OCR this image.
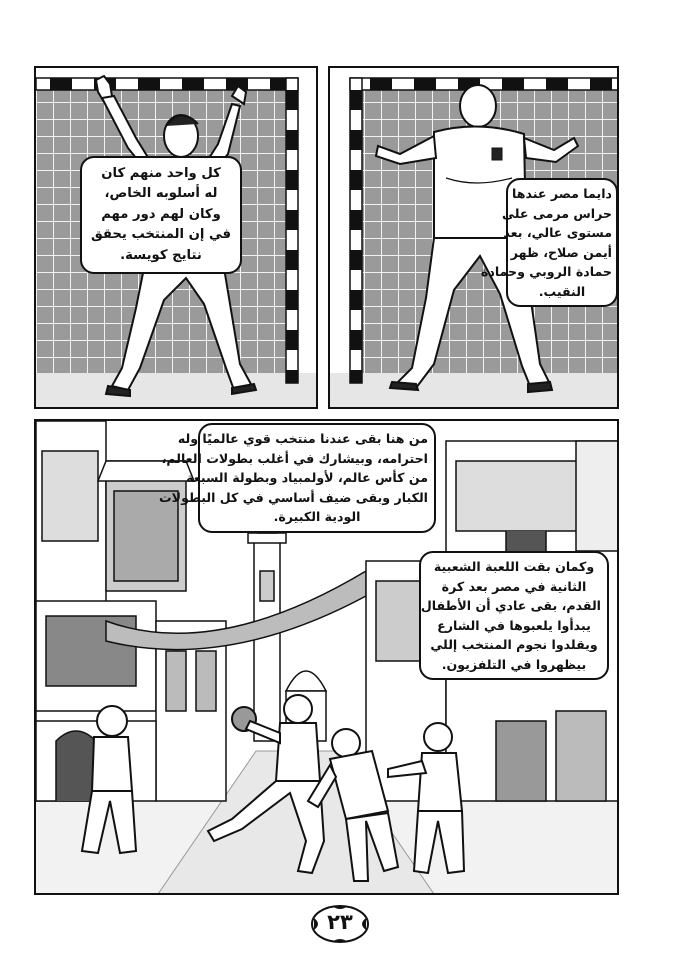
كل واحد منهم كان

له أسلوبه الخاص،

وكان لهم دور مهم

في إن المنتخب يحقق

نتايج كويسة.

دايما مصر عندها

حراس مرمى على

مستوى عالي، بعد

أيمن صلاح، ظهر

حمادة الروبي وحمادة

النقيب.

من هنا بقى عندنا منتخب قوي عالميًا وله

احترامه، وبيشارك في أغلب بطولات العالم،

من كأس عالم، لأولمبياد وبطولة السبعة

الكبار وبقى ضيف أساسي في كل البطولات

الودية الكبيرة.

وكمان بقت اللعبة الشعبية

الثانية في مصر بعد كرة

القدم، بقى عادي أن الأطفال

يبدأوا يلعبوها في الشارع

ويقلدوا نجوم المنتخب إللي

بيظهروا في التلفزيون.

٢٣
